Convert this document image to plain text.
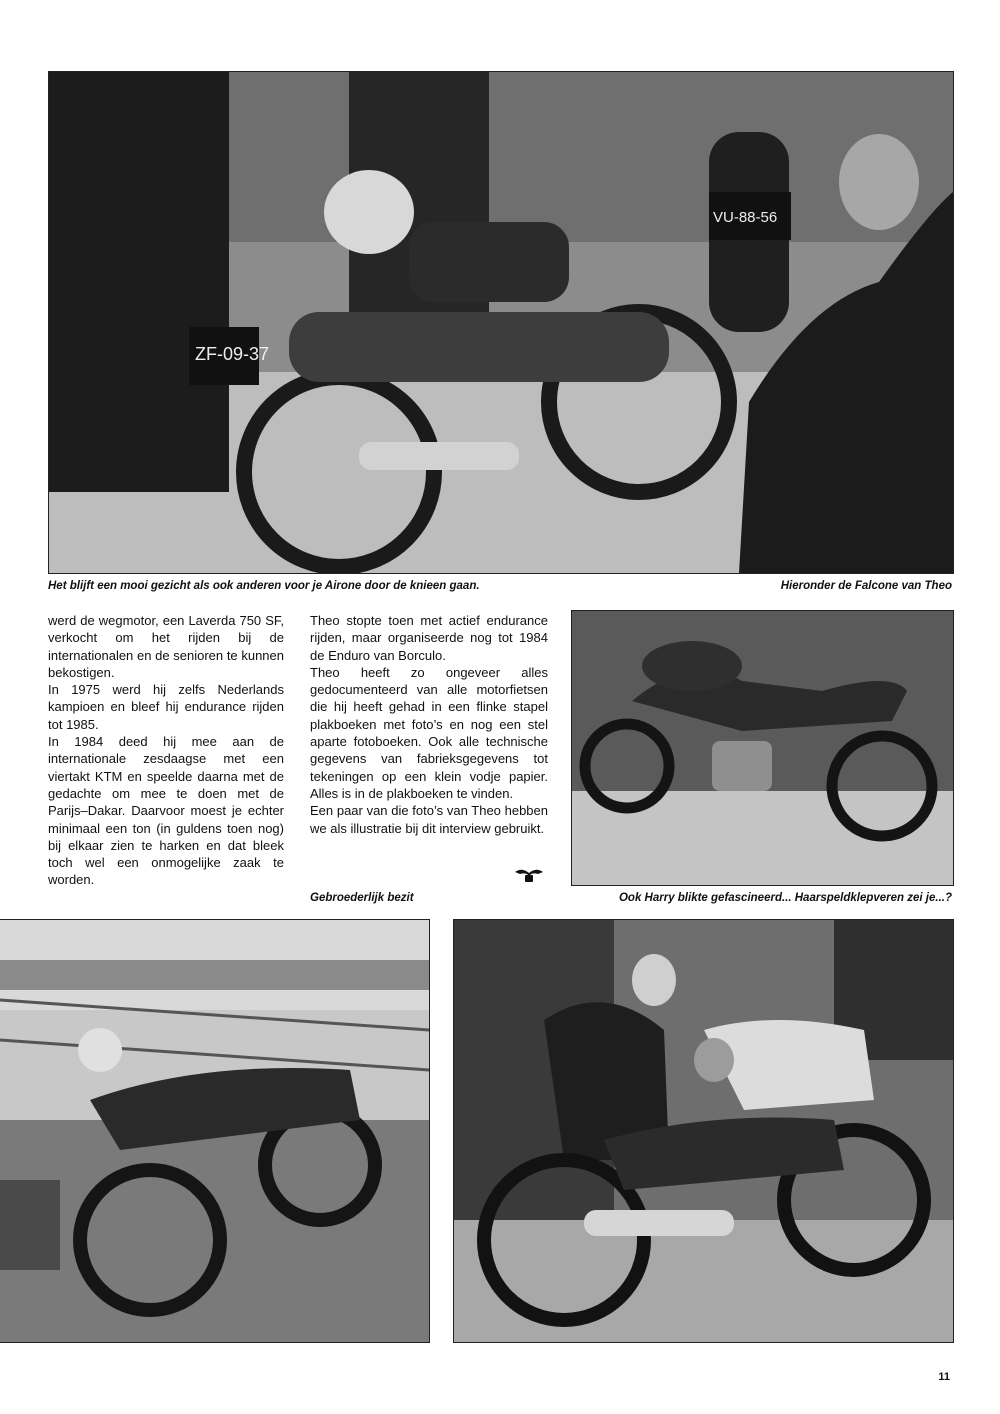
ZF-09-37
VU-88-56
Het blijft een mooi gezicht als ook anderen voor je Airone door de knieen gaan.	Hieronder de Falcone van Theo

werd de wegmotor, een Laverda 750 SF, verkocht om het rijden bij de internationalen en de senioren te kunnen bekostigen.

In 1975 werd hij zelfs Nederlands kampioen en bleef hij endurance rijden tot 1985.

In 1984 deed hij mee aan de internationale zesdaagse met een viertakt KTM en speelde daarna met de gedachte om mee te doen met de Parijs–Dakar. Daarvoor moest je echter minimaal een ton (in guldens toen nog) bij elkaar zien te harken en dat bleek toch wel een onmogelijke zaak te worden.

Theo stopte toen met actief endurance rijden, maar organiseerde nog tot 1984 de Enduro van Borculo.

Theo heeft zo ongeveer alles gedocumenteerd van alle motorfietsen die hij heeft gehad in een flinke stapel plakboeken met foto’s en nog een stel aparte fotoboeken. Ook alle technische gegevens van fabrieksgegevens tot tekeningen op een klein vodje papier. Alles is in de plakboeken te vinden.

Een paar van die foto’s van Theo hebben we als illustratie bij dit interview gebruikt.

Gebroederlijk bezit	Ook Harry blikte gefascineerd... Haarspeldklepveren zei je...?
11
